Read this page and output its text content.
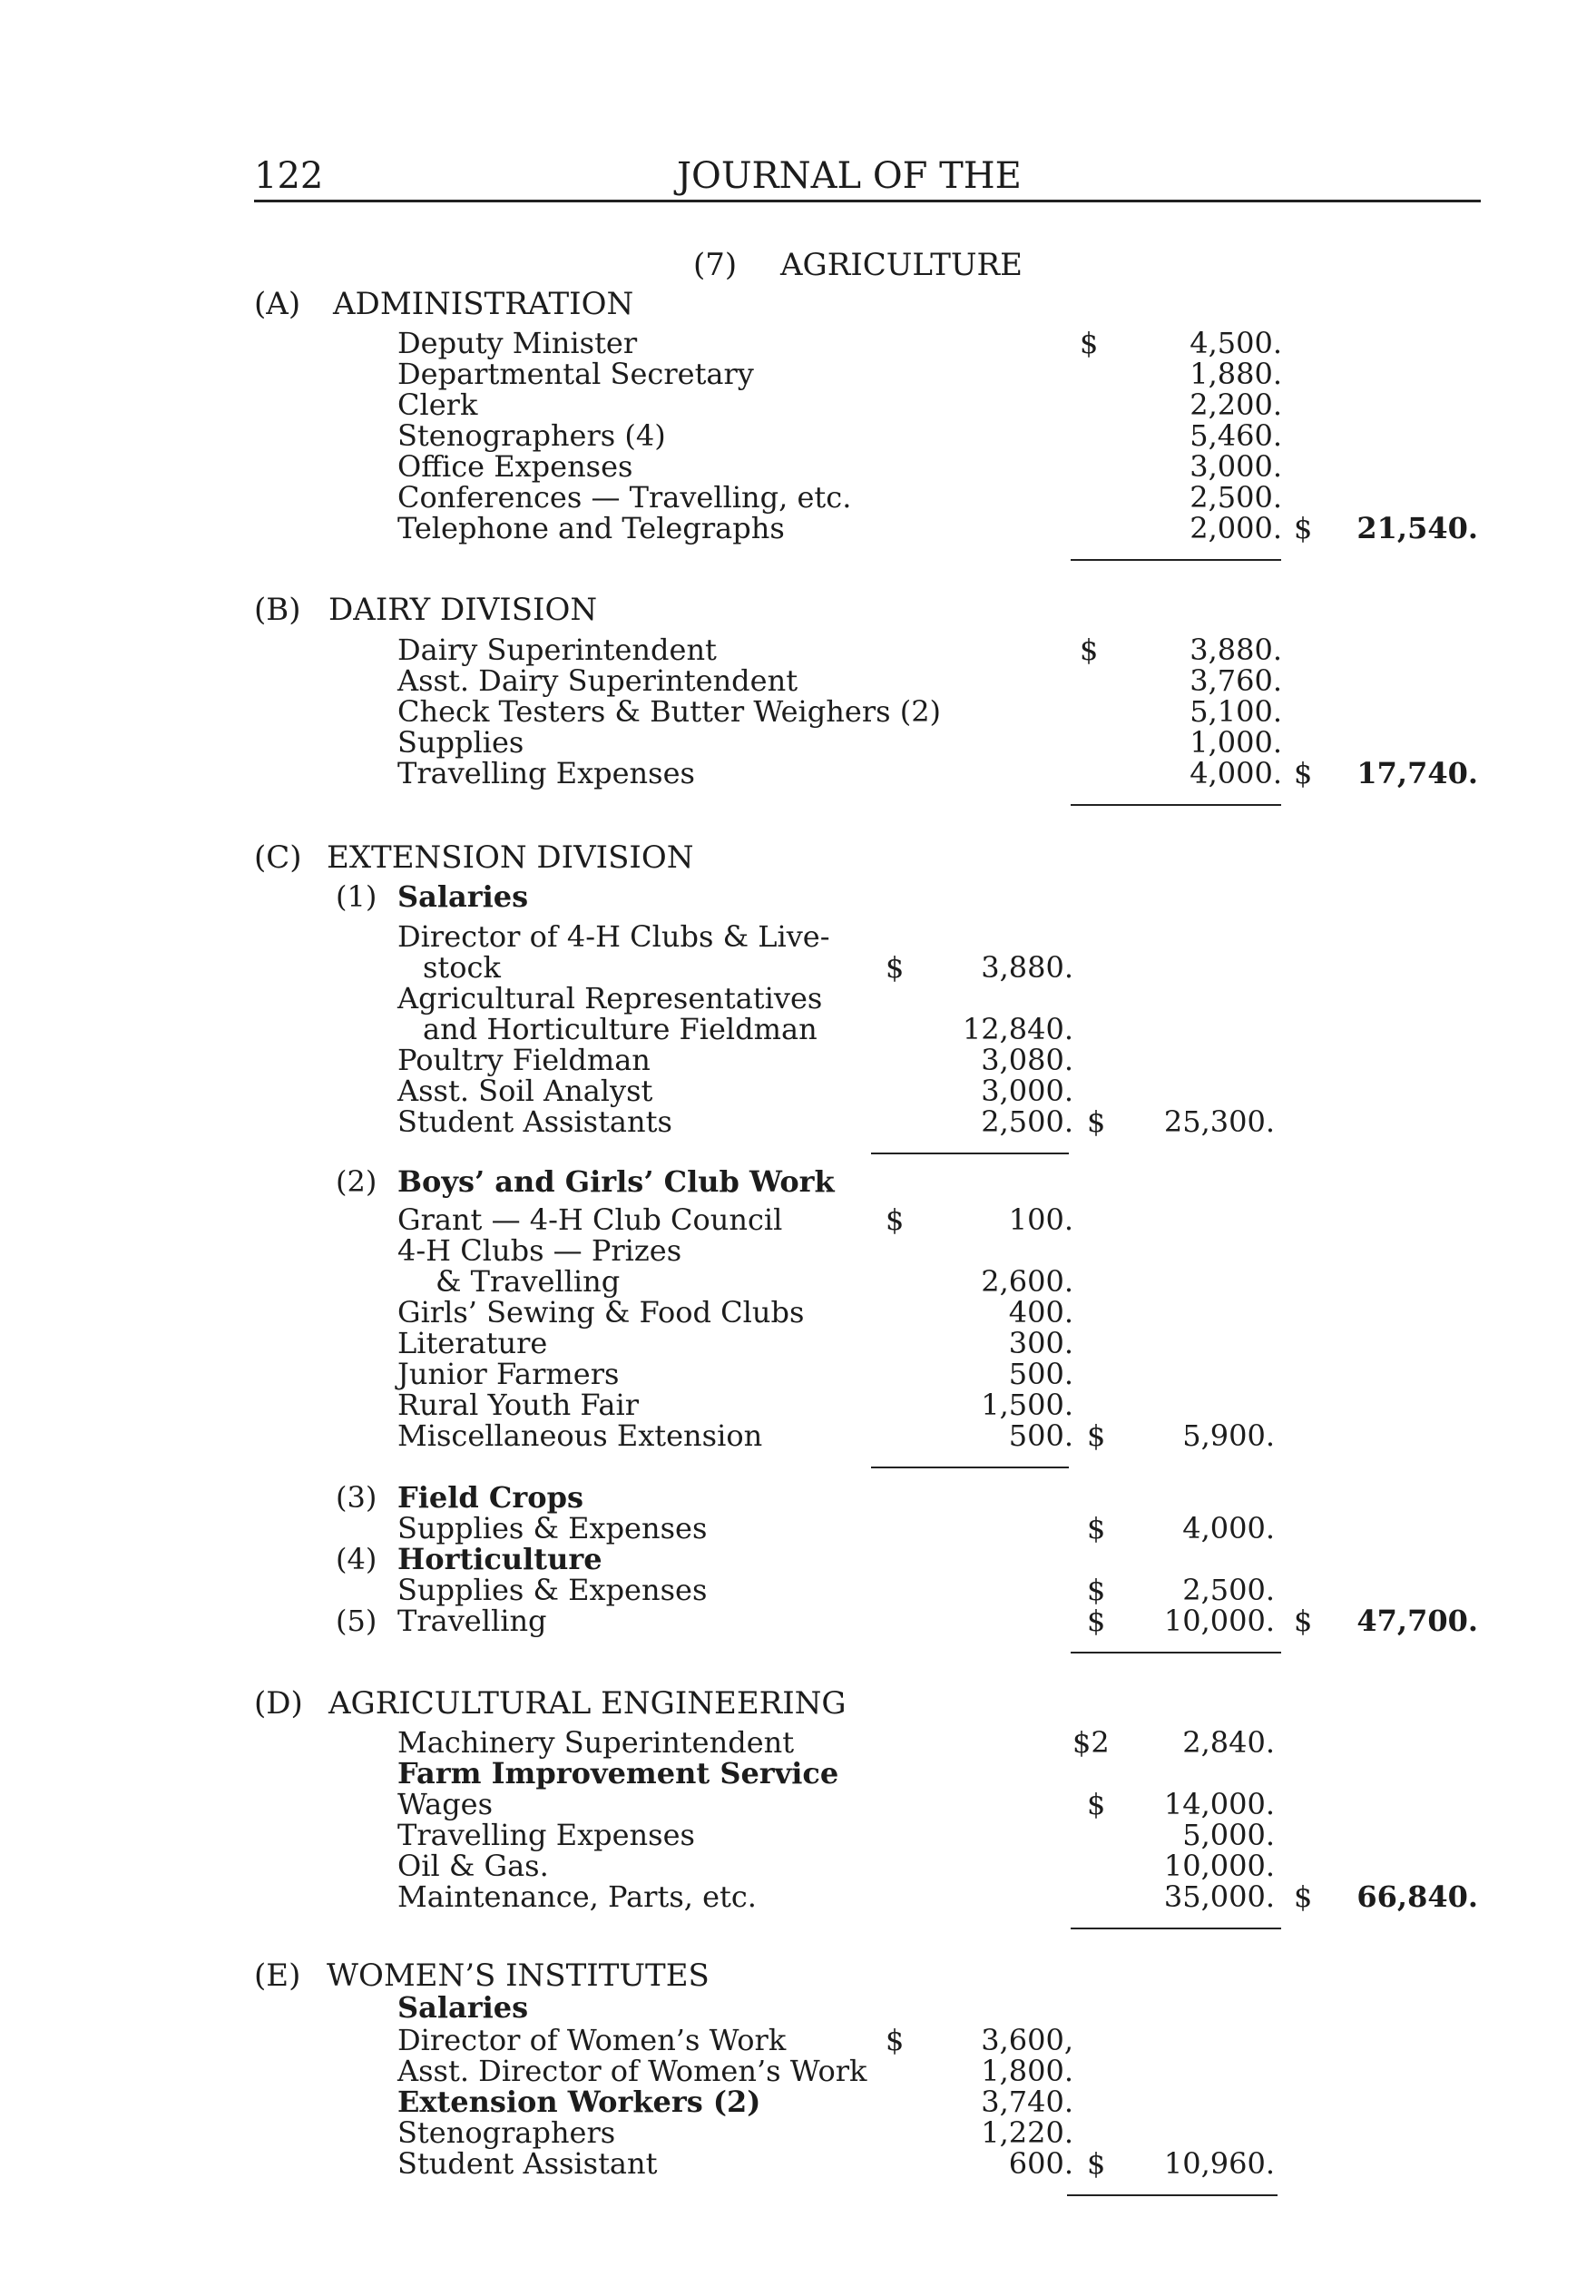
122	JOURNAL OF THE
(7) AGRICULTURE
(A) ADMINISTRATION
Deputy Minister	$	4,500.
Departmental Secretary	1,880.
Clerk	2,200.
Stenographers (4)	5,460.
Office Expenses	3,000.
Conferences — Travelling, etc.	2,500.
Telephone and Telegraphs	2,000. $ 21,540.
(B) DAIRY DIVISION
Dairy Superintendent	$	3,880.
Asst. Dairy Superintendent	3,760.
Check Testers & Butter Weighers (2)	5,100.
Supplies	1,000.
Travelling Expenses	4,000. $ 17,740.
(C) EXTENSION DIVISION
(1) Salaries
Director of 4-H Clubs & Live-
stock	$	3,880.
Agricultural Representatives
and Horticulture Fieldman	12,840.
Poultry Fieldman	3,080.
Asst. Soil Analyst	3,000.
Student Assistants	2,500. $ 25,300.
(2) Boys’ and Girls’ Club Work
Grant — 4-H Club Council	$	100.
4-H Clubs — Prizes
& Travelling	2,600.
Girls’ Sewing & Food Clubs	400.
Literature	300.
Junior Farmers	500.
Rural Youth Fair	1,500.
Miscellaneous Extension	500. $	5,900.
(3) Field Crops
Supplies & Expenses	$	4,000.
(4) Horticulture
Supplies & Expenses	$	2,500.
(5) Travelling	$ 10,000. $ 47,700.
(D) AGRICULTURAL ENGINEERING
Machinery Superintendent	$2	2,840.
Farm Improvement Service
Wages	$ 14,000.
Travelling Expenses	5,000.
Oil & Gas.	10,000.
Maintenance, Parts, etc.	35,000. $ 66,840.
(E) WOMEN’S INSTITUTES
Salaries
Director of Women’s Work	$	3,600,
Asst. Director of Women’s Work	1,800.
Extension Workers (2)	3,740.
Stenographers	1,220.
Student Assistant	600. $ 10,960.
